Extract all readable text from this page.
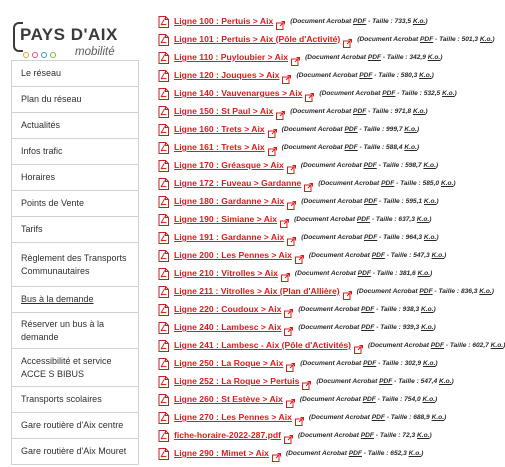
PAYS D'AIX
mobilité
Le réseau
Plan du réseau
Actualités
Infos trafic
Horaires
Points de Vente
Tarifs
Règlement des Transports Communautaires
Bus à la demande
Réserver un bus à la demande
Accessibilité et service ACCE S BIBUS
Transports scolaires
Gare routière d'Aix centre
Gare routière d'Aix Mouret
Ligne 100 : Pertuis > Aix	(Document Acrobat PDF - Taille : 733,5 K.o.)
Ligne 101 : Pertuis > Aix (Pôle d'Activité)	(Document Acrobat PDF - Taille : 501,3 K.o.)
Ligne 110 : Puyloubier > Aix	(Document Acrobat PDF - Taille : 342,9 K.o.)
Ligne 120 : Jouques > Aix	(Document Acrobat PDF - Taille : 580,3 K.o.)
Ligne 140 : Vauvenargues > Aix	(Document Acrobat PDF - Taille : 532,5 K.o.)
Ligne 150 : St Paul > Aix	(Document Acrobat PDF - Taille : 971,8 K.o.)
Ligne 160 : Trets > Aix	(Document Acrobat PDF - Taille : 999,7 K.o.)
Ligne 161 : Trets > Aix	(Document Acrobat PDF - Taille : 588,4 K.o.)
Ligne 170 : Gréasque > Aix	(Document Acrobat PDF - Taille : 598,7 K.o.)
Ligne 172 : Fuveau > Gardanne	(Document Acrobat PDF - Taille : 585,0 K.o.)
Ligne 180 : Gardanne > Aix	(Document Acrobat PDF - Taille : 595,1 K.o.)
Ligne 190 : Simiane > Aix	(Document Acrobat PDF - Taille : 637,3 K.o.)
Ligne 191 : Gardanne > Aix	(Document Acrobat PDF - Taille : 964,3 K.o.)
Ligne 200 : Les Pennes > Aix	(Document Acrobat PDF - Taille : 547,3 K.o.)
Ligne 210 : Vitrolles > Aix	(Document Acrobat PDF - Taille : 381,6 K.o.)
Ligne 211 : Vitrolles > Aix (Plan d'Allière)	(Document Acrobat PDF - Taille : 836,3 K.o.)
Ligne 220 : Coudoux > Aix	(Document Acrobat PDF - Taille : 938,3 K.o.)
Ligne 240 : Lambesc > Aix	(Document Acrobat PDF - Taille : 939,3 K.o.)
Ligne 241 : Lambesc - Aix (Pôle d'Activités)	(Document Acrobat PDF - Taille : 602,7 K.o.
Ligne 250 : La Roque > Aix	(Document Acrobat PDF - Taille : 302,9 K.o.)
Ligne 252 : La Roque > Pertuis	(Document Acrobat PDF - Taille : 547,4 K.o.)
Ligne 260 : St Estève > Aix	(Document Acrobat PDF - Taille : 754,0 K.o.)
Ligne 270 : Les Pennes > Aix	(Document Acrobat PDF - Taille : 688,9 K.o.)
fiche-horaire-2022-287.pdf	(Document Acrobat PDF - Taille : 72,3 K.o.)
Ligne 290 : Mimet > Aix	(Document Acrobat PDF - Taille : 652,3 K.o.)
